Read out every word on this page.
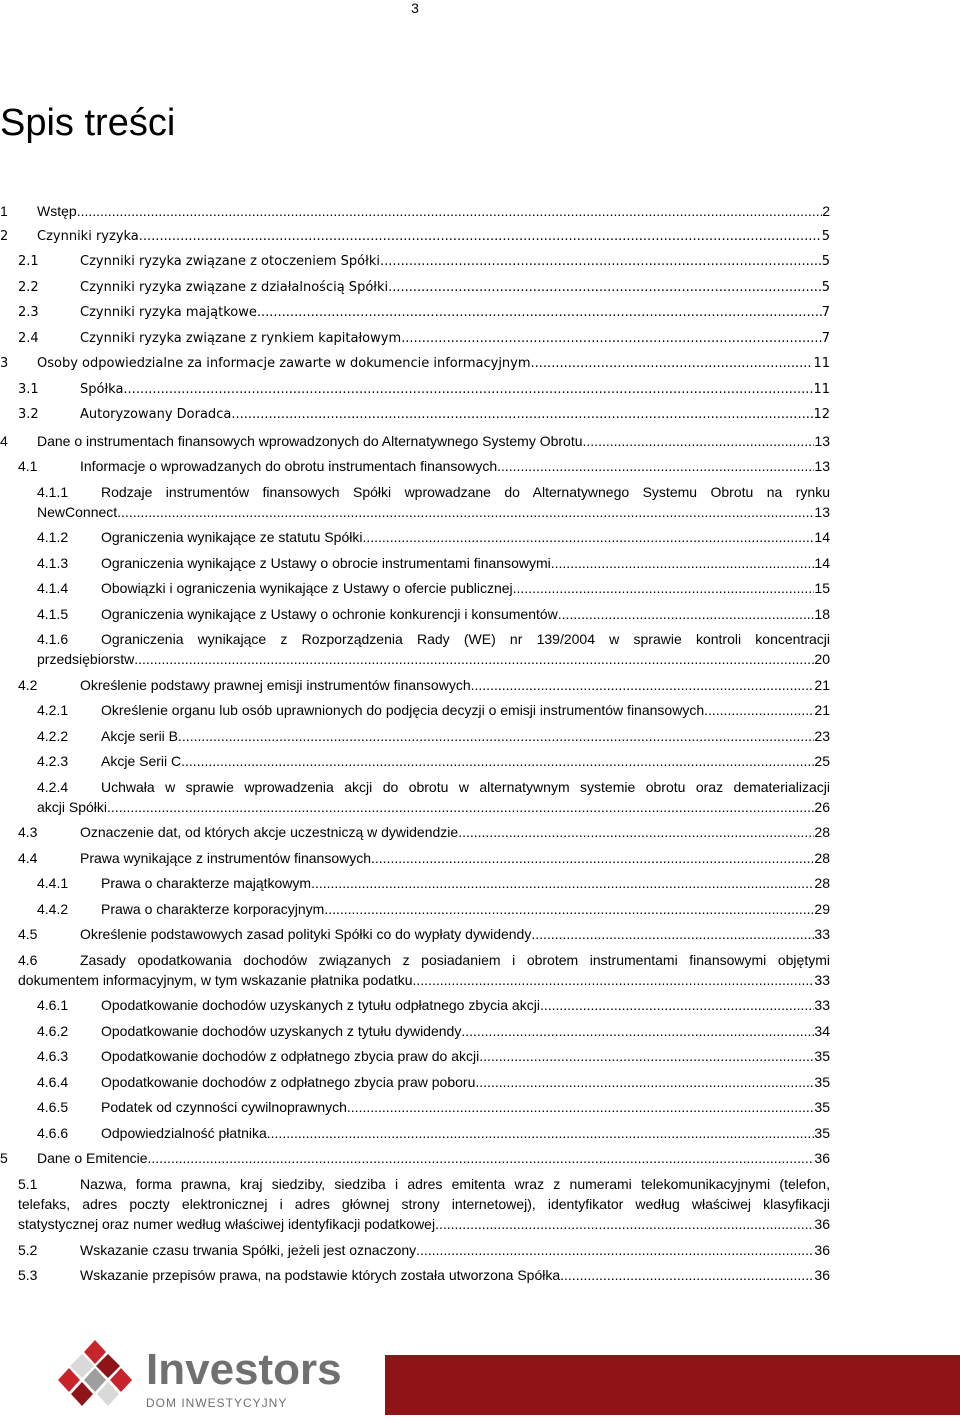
3
Spis treści
1 Wstęp .....	2
2 Czynniki ryzyka .....	5
2.1	Czynniki ryzyka związane z otoczeniem Spółki .....	5
2.2	Czynniki ryzyka związane z działalnością Spółki .....	5
2.3	Czynniki ryzyka majątkowe .....	7
2.4	Czynniki ryzyka związane z rynkiem kapitałowym .....	7
3 Osoby odpowiedzialne za informacje zawarte w dokumencie informacyjnym .....	11
3.1	Spółka .....	11
3.2	Autoryzowany Doradca .....	12
4 Dane o instrumentach finansowych wprowadzonych do Alternatywnego Systemy Obrotu .....	13
4.1	Informacje o wprowadzanych do obrotu instrumentach finansowych .....	13
4.1.1 Rodzaje instrumentów finansowych Spółki wprowadzane do Alternatywnego Systemu Obrotu na rynku
NewConnect .....	13
4.1.2 Ograniczenia wynikające ze statutu Spółki .....	14
4.1.3 Ograniczenia wynikające z Ustawy o obrocie instrumentami finansowymi .....	14
4.1.4 Obowiązki i ograniczenia wynikające z Ustawy o ofercie publicznej. .....	15
4.1.5 Ograniczenia wynikające z Ustawy o ochronie konkurencji i konsumentów .....	18
4.1.6 Ograniczenia wynikające z Rozporządzenia Rady (WE) nr 139/2004 w sprawie kontroli koncentracji
przedsiębiorstw .....	20
4.2	Określenie podstawy prawnej emisji instrumentów finansowych .....	21
4.2.1 Określenie organu lub osób uprawnionych do podjęcia decyzji o emisji instrumentów finansowych .....	21
4.2.2 Akcje serii B .....	23
4.2.3 Akcje Serii C .....	25
4.2.4 Uchwała w sprawie wprowadzenia akcji do obrotu w alternatywnym systemie obrotu oraz dematerializacji
akcji Spółki .....	26
4.3	Oznaczenie dat, od których akcje uczestniczą w dywidendzie .....	28
4.4	Prawa wynikające z instrumentów finansowych .....	28
4.4.1 Prawa o charakterze majątkowym .....	28
4.4.2 Prawa o charakterze korporacyjnym .....	29
4.5	Określenie podstawowych zasad polityki Spółki co do wypłaty dywidendy .....	33
4.6	Zasady opodatkowania dochodów związanych z posiadaniem i obrotem instrumentami finansowymi objętymi
dokumentem informacyjnym, w tym wskazanie płatnika podatku .....	33
4.6.1 Opodatkowanie dochodów uzyskanych z tytułu odpłatnego zbycia akcji .....	33
4.6.2 Opodatkowanie dochodów uzyskanych z tytułu dywidendy .....	34
4.6.3 Opodatkowanie dochodów z odpłatnego zbycia praw do akcji .....	35
4.6.4 Opodatkowanie dochodów z odpłatnego zbycia praw poboru .....	35
4.6.5 Podatek od czynności cywilnoprawnych .....	35
4.6.6 Odpowiedzialność płatnika .....	35
5 Dane o Emitencie .....	36
5.1	Nazwa, forma prawna, kraj siedziby, siedziba i adres emitenta wraz z numerami telekomunikacyjnymi (telefon,
telefaks, adres poczty elektronicznej i adres głównej strony internetowej), identyfikator według właściwej klasyfikacji
statystycznej oraz numer według właściwej identyfikacji podatkowej .....	36
5.2	Wskazanie czasu trwania Spółki, jeżeli jest oznaczony .....	36
5.3	Wskazanie przepisów prawa, na podstawie których została utworzona Spółka .....	36
Investors
DOM INWESTYCYJNY
